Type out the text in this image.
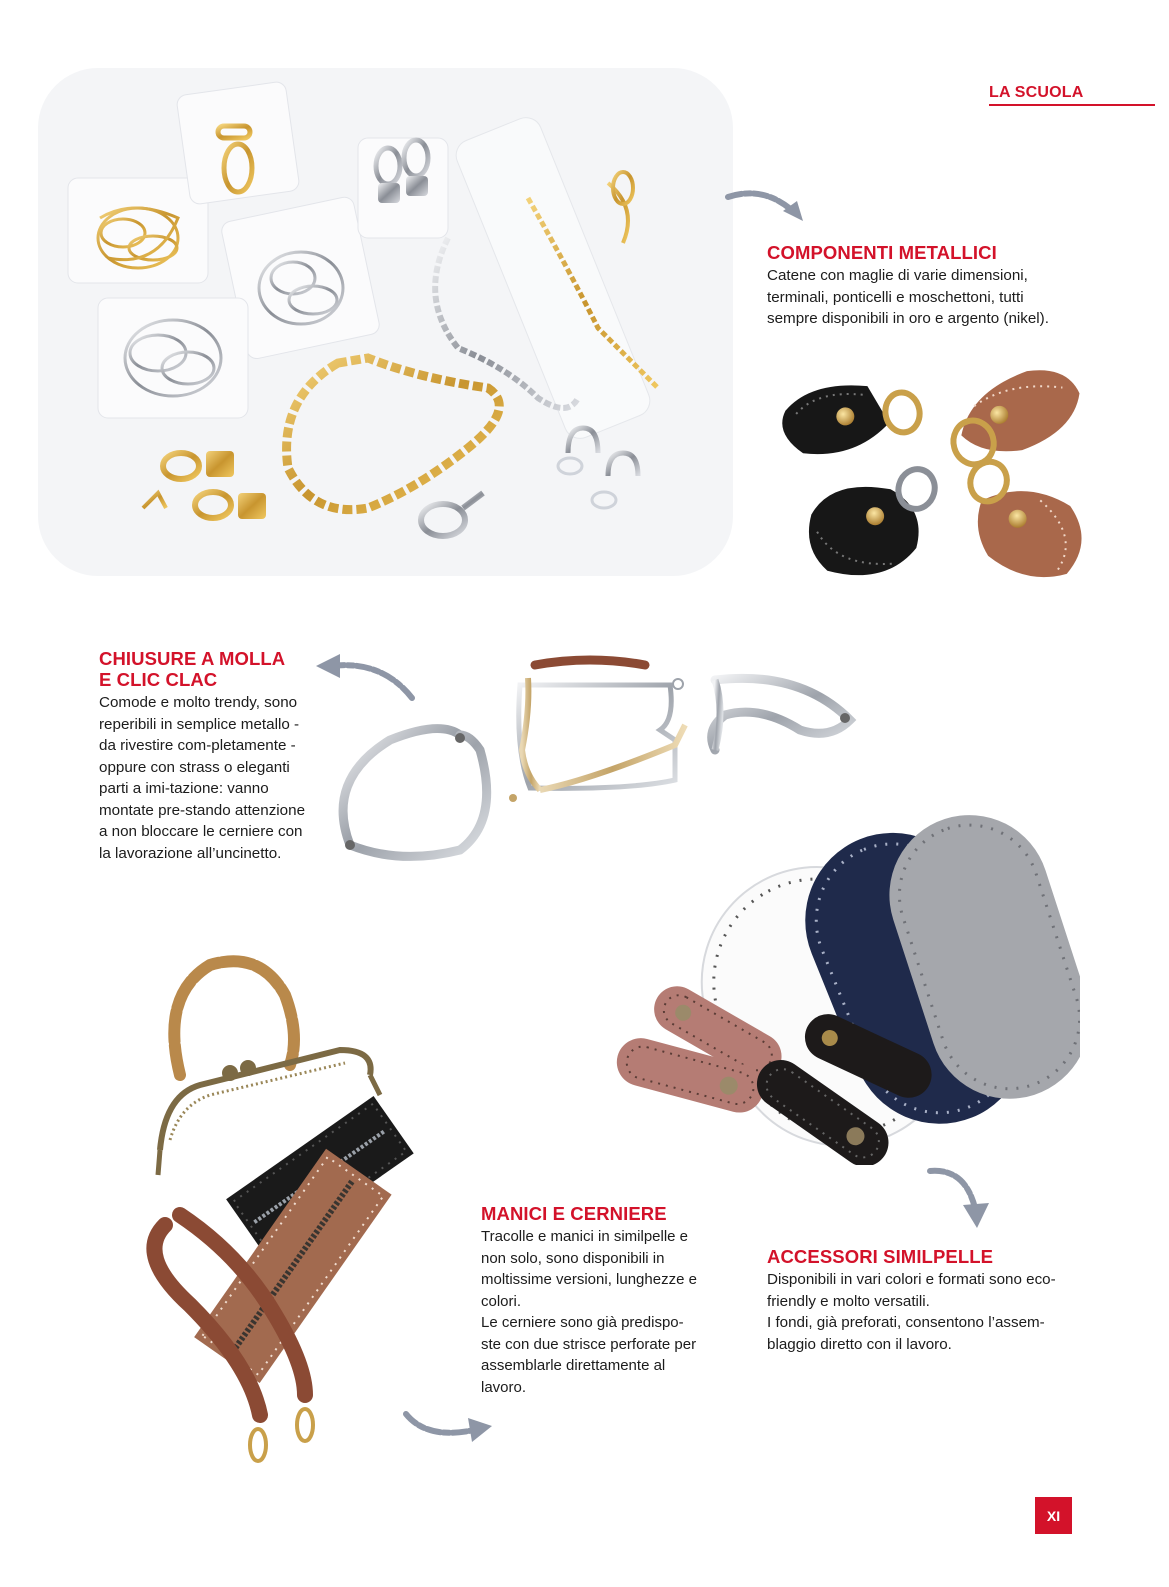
LA SCUOLA
COMPONENTI METALLICI

Catene con maglie di varie dimensioni, terminali, ponticelli e moschettoni, tutti sempre disponibili in oro e argento (nikel).

CHIUSURE A MOLLA
E CLIC CLAC

Comode e molto trendy, sono reperibili in semplice metallo - da rivestire com-pletamente - oppure con strass o eleganti parti a imi-tazione: vanno montate pre-stando attenzione a non bloccare le cerniere con la lavorazione all’uncinetto.

MANICI E CERNIERE

Tracolle e manici in similpelle e non solo, sono disponibili in moltissime versioni, lunghezze e colori.

Le cerniere sono già predispo-ste con due strisce perforate per assemblarle direttamente al lavoro.

ACCESSORI SIMILPELLE

Disponibili in vari colori e formati sono eco-friendly e molto versatili.

I fondi, già preforati, consentono l’assem-blaggio diretto con il lavoro.

XI
